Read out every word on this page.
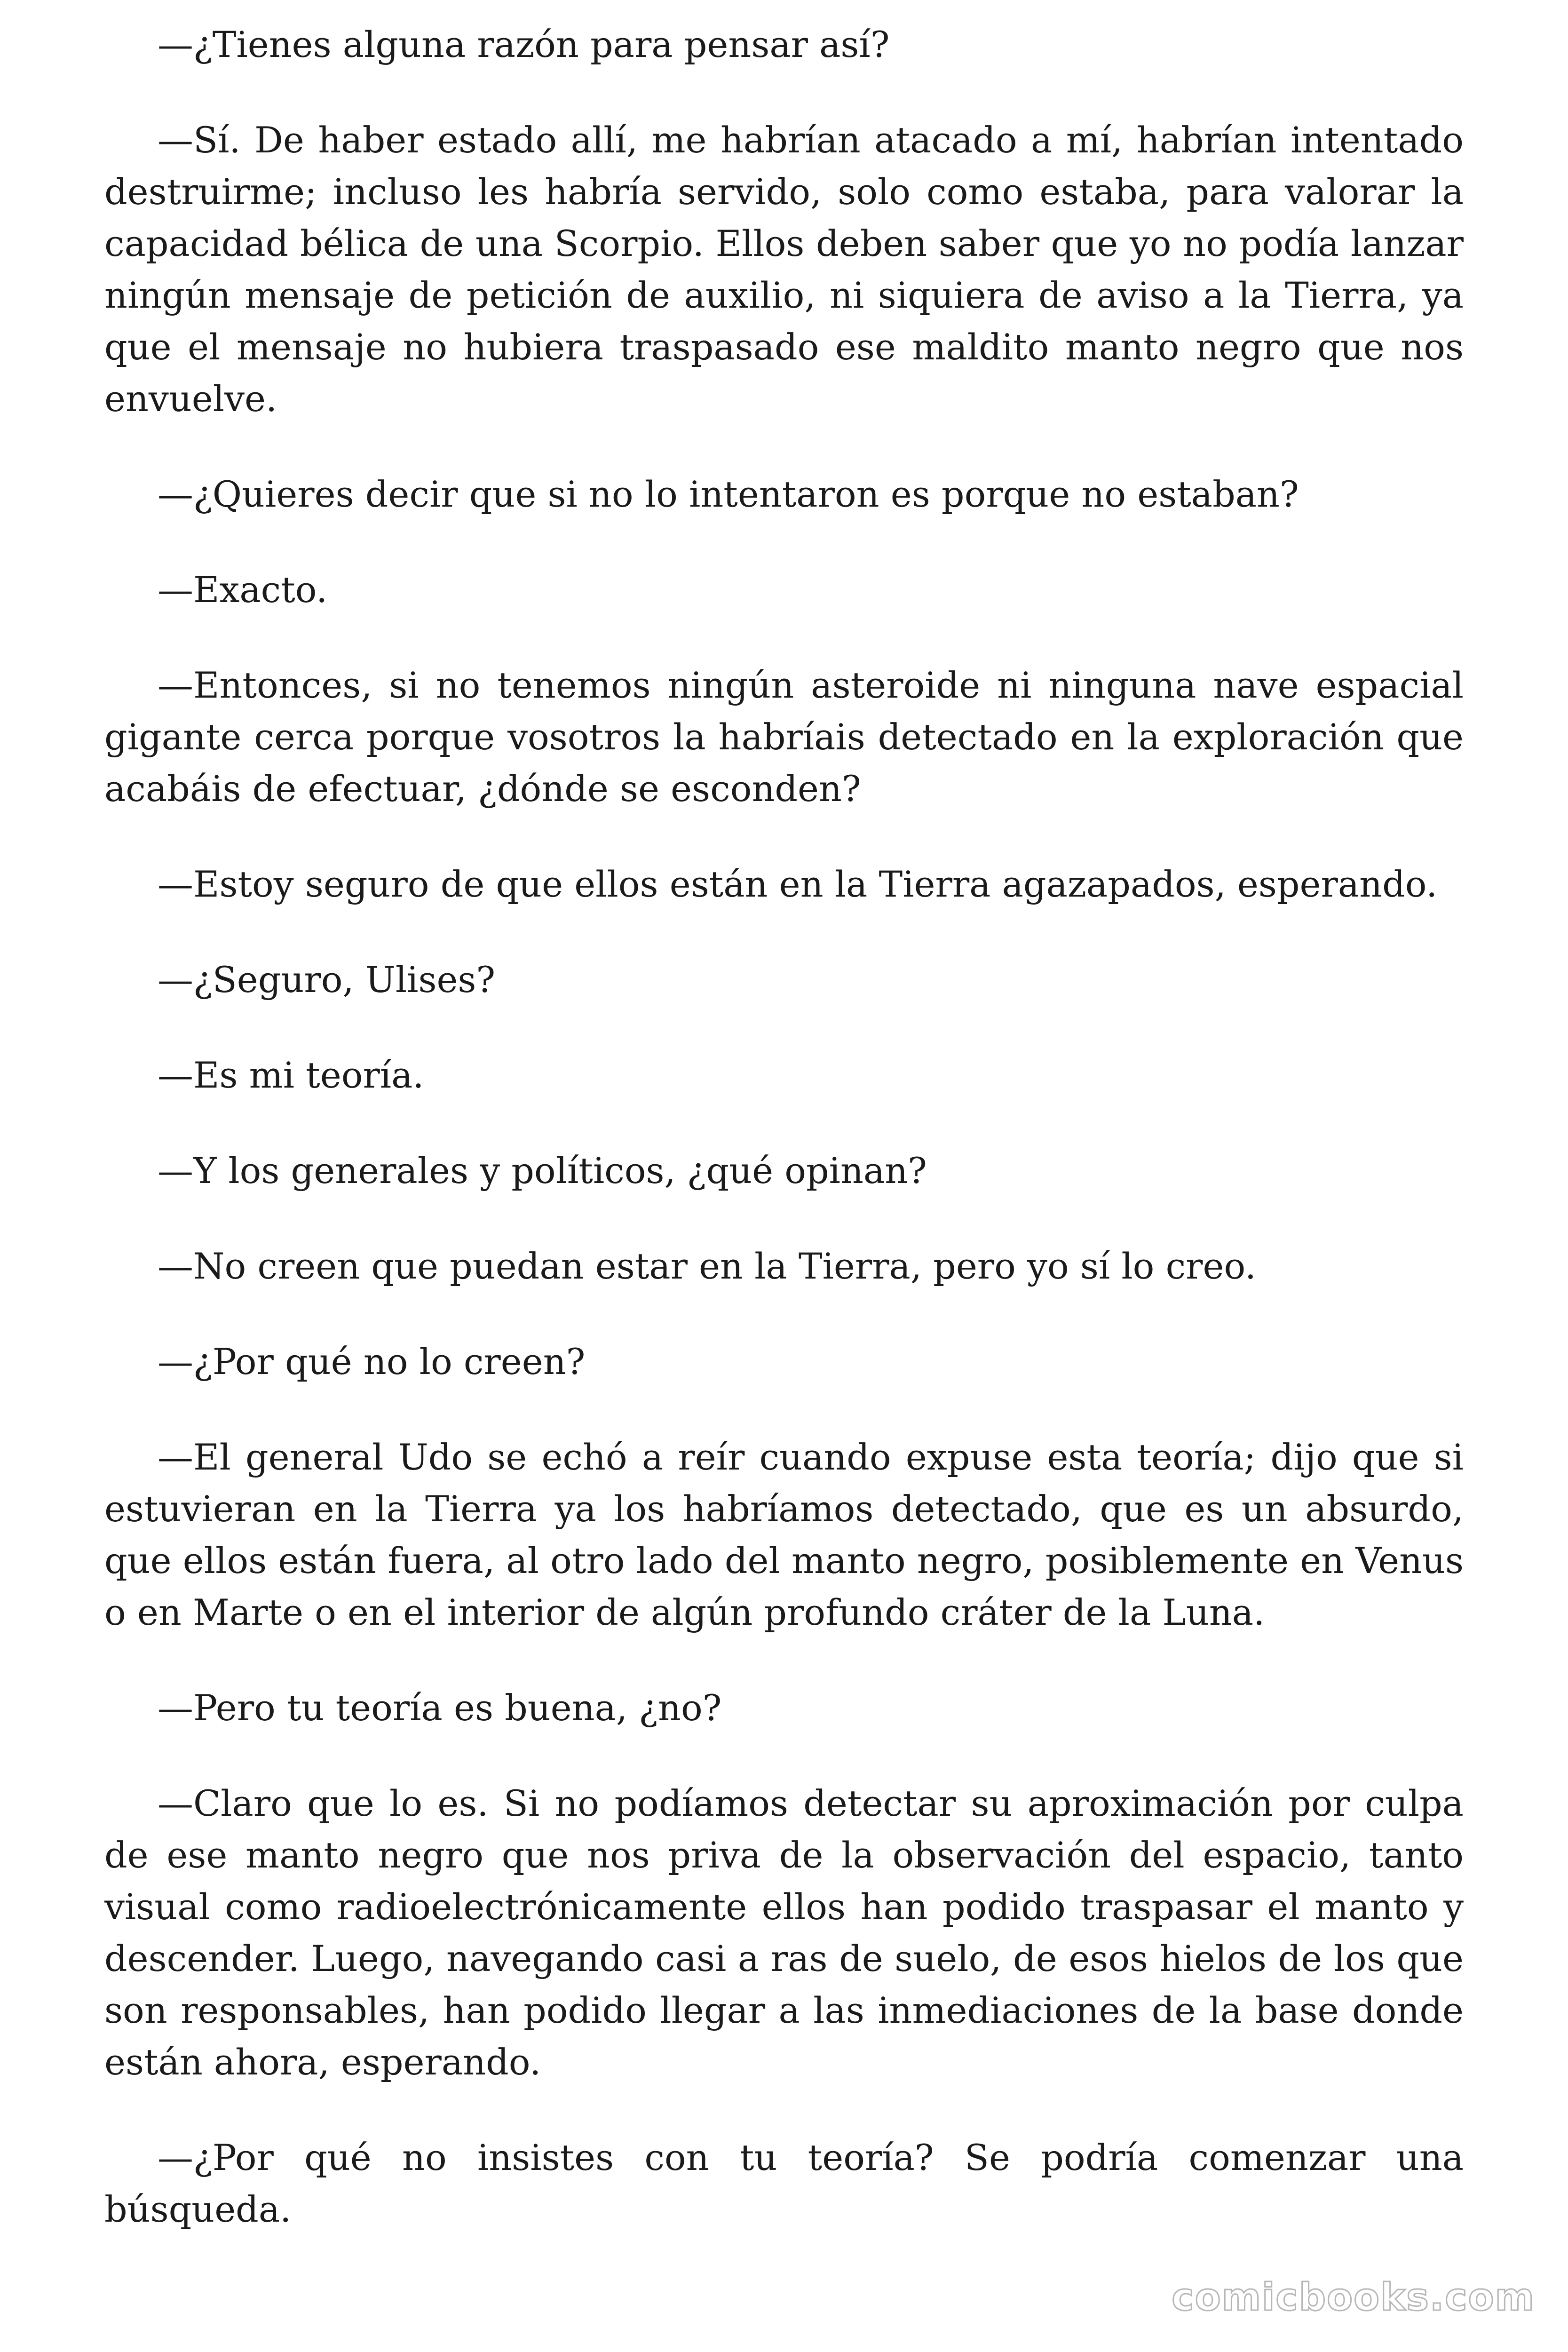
—¿Tienes alguna razón para pensar así?

—Sí. De haber estado allí, me habrían atacado a mí, habrían intentado destruirme; incluso les habría servido, solo como estaba, para valorar la capacidad bélica de una Scorpio. Ellos deben saber que yo no podía lanzar ningún mensaje de petición de auxilio, ni siquiera de aviso a la Tierra, ya que el mensaje no hubiera traspasado ese maldito manto negro que nos envuelve.

—¿Quieres decir que si no lo intentaron es porque no estaban?

—Exacto.

—Entonces, si no tenemos ningún asteroide ni ninguna nave espacial gigante cerca porque vosotros la habríais detectado en la exploración que acabáis de efectuar, ¿dónde se esconden?

—Estoy seguro de que ellos están en la Tierra agazapados, esperando.

—¿Seguro, Ulises?

—Es mi teoría.

—Y los generales y políticos, ¿qué opinan?

—No creen que puedan estar en la Tierra, pero yo sí lo creo.

—¿Por qué no lo creen?

—El general Udo se echó a reír cuando expuse esta teoría; dijo que si estuvieran en la Tierra ya los habríamos detectado, que es un absurdo, que ellos están fuera, al otro lado del manto negro, posiblemente en Venus o en Marte o en el interior de algún profundo cráter de la Luna.

—Pero tu teoría es buena, ¿no?

—Claro que lo es. Si no podíamos detectar su aproximación por culpa de ese manto negro que nos priva de la observación del espacio, tanto visual como radioelectrónicamente ellos han podido traspasar el manto y descender. Luego, navegando casi a ras de suelo, de esos hielos de los que son responsables, han podido llegar a las inmediaciones de la base donde están ahora, esperando.

—¿Por qué no insistes con tu teoría? Se podría comenzar una búsqueda.

comicbooks.com
